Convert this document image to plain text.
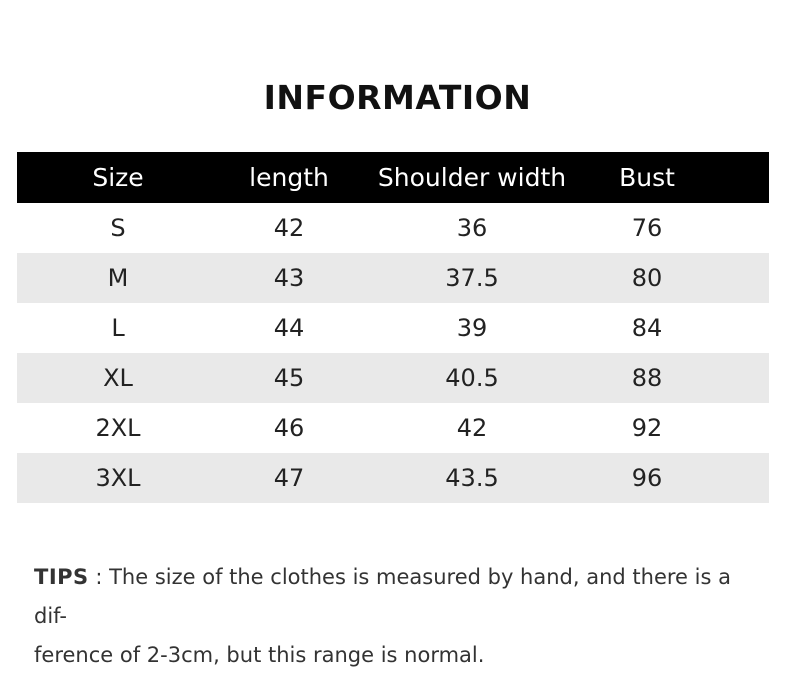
INFORMATION
Size	length	Shoulder width	Bust
S	42	36	76
M	43	37.5	80
L	44	39	84
XL	45	40.5	88
2XL	46	42	92
3XL	47	43.5	96
TIPS : The size of the clothes is measured by hand, and there is a dif-
ference of 2-3cm, but this range is normal.
